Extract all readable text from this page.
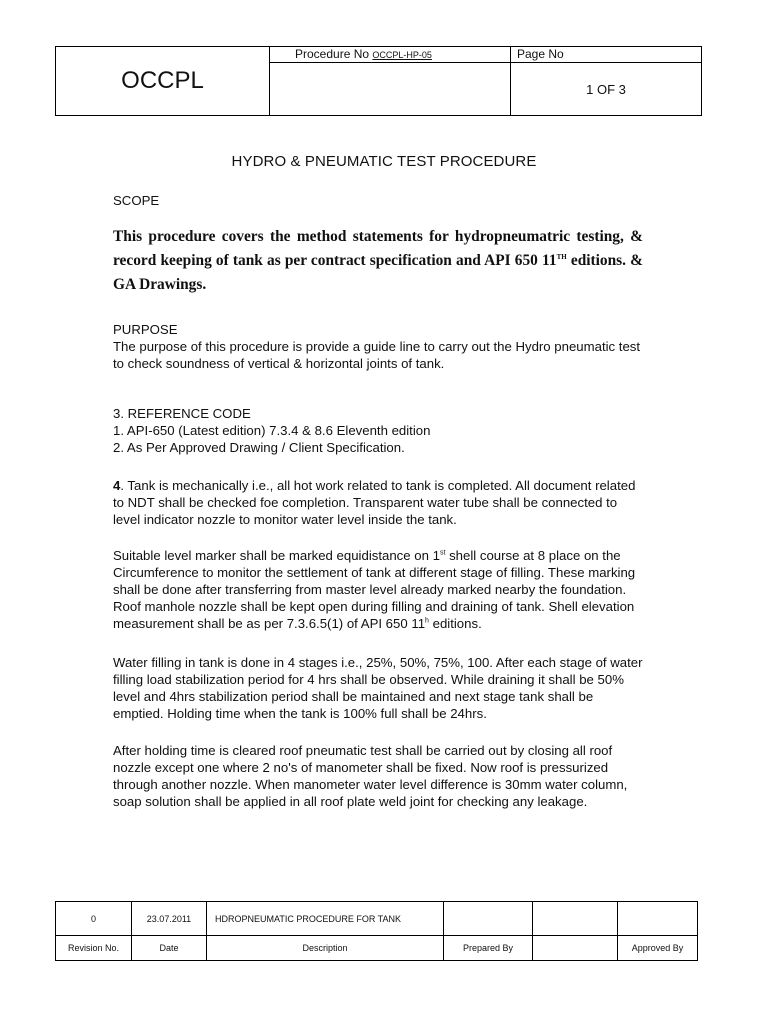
OCCPL	Procedure No OCCPL-HP-05	Page No
		1 OF 3
HYDRO & PNEUMATIC TEST PROCEDURE
SCOPE
This procedure covers the method statements for hydropneumatric testing, & record keeping of tank as per contract specification and API 650 11TH editions. & GA Drawings.
PURPOSE
The purpose of this procedure is provide a guide line to carry out the Hydro pneumatic test to check soundness of vertical & horizontal joints of tank.
3. REFERENCE CODE
1. API-650 (Latest edition) 7.3.4 & 8.6 Eleventh edition
2. As Per Approved Drawing / Client Specification.
4. Tank is mechanically i.e., all hot work related to tank is completed. All document related to NDT shall be checked foe completion. Transparent water tube shall be connected to level indicator nozzle to monitor water level inside the tank.
Suitable level marker shall be marked equidistance on 1st shell course at 8 place on the Circumference to monitor the settlement of tank at different stage of filling. These marking shall be done after transferring from master level already marked nearby the foundation. Roof manhole nozzle shall be kept open during filling and draining of tank. Shell elevation measurement shall be as per 7.3.6.5(1) of API 650 11$^h$ editions.
Water filling in tank is done in 4 stages i.e., 25%, 50%, 75%, 100. After each stage of water filling load stabilization period for 4 hrs shall be observed. While draining it shall be 50% level and 4hrs stabilization period shall be maintained and next stage tank shall be emptied. Holding time when the tank is 100% full shall be 24hrs.
After holding time is cleared roof pneumatic test shall be carried out by closing all roof nozzle except one where 2 no's of manometer shall be fixed. Now roof is pressurized through another nozzle. When manometer water level difference is 30mm water column, soap solution shall be applied in all roof plate weld joint for checking any leakage.
0	23.07.2011	HDROPNEUMATIC PROCEDURE FOR TANK			
Revision No.	Date	Description	Prepared By		Approved By
